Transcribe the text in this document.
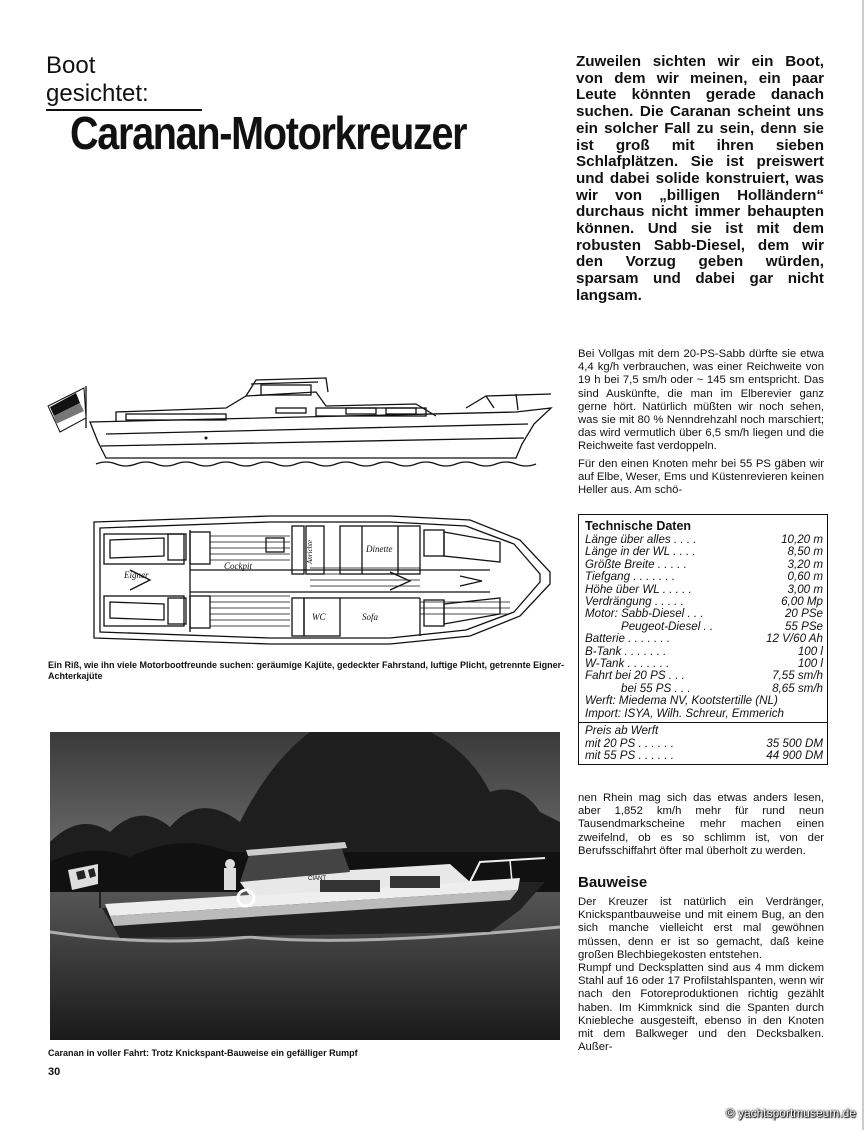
Boot gesichtet:
Caranan-Motorkreuzer
Zuweilen sichten wir ein Boot, von dem wir meinen, ein paar Leute könnten gerade danach suchen. Die Caranan scheint uns ein solcher Fall zu sein, denn sie ist groß mit ihren sieben Schlafplätzen. Sie ist preiswert und dabei solide konstruiert, was wir von „billigen Holländern“ durchaus nicht immer behaupten können. Und sie ist mit dem robusten Sabb-Diesel, dem wir den Vorzug geben würden, sparsam und dabei gar nicht langsam.
Eigner
Cockpit
Dinette
WC	Sofa
Anrichte
Ein Riß, wie ihn viele Motorbootfreunde suchen: geräumige Kajüte, gedeckter Fahrstand, luftige Plicht, getrennte Eigner-Achterkajüte
CIANT
Caranan in voller Fahrt: Trotz Knickspant-Bauweise ein gefälliger Rumpf
30
Bei Vollgas mit dem 20-PS-Sabb dürfte sie etwa 4,4 kg/h verbrauchen, was einer Reichweite von 19 h bei 7,5 sm/h oder ~ 145 sm entspricht. Das sind Auskünfte, die man im Elberevier ganz gerne hört. Natürlich müßten wir noch sehen, was sie mit 80 % Nenndrehzahl noch marschiert; das wird vermutlich über 6,5 sm/h liegen und die Reichweite fast verdoppeln.
Für den einen Knoten mehr bei 55 PS gäben wir auf Elbe, Weser, Ems und Küstenrevieren keinen Heller aus. Am schö-
Technische Daten
Länge über alles . . . .	10,20 m
Länge in der WL . . . .	8,50 m
Größte Breite . . . . .	3,20 m
Tiefgang . . . . . . .	0,60 m
Höhe über WL . . . . .	3,00 m
Verdrängung . . . . .	6,00 Mp
Motor: Sabb-Diesel . . .	20 PSe
Peugeot-Diesel . .	55 PSe
Batterie . . . . . . .	12 V/60 Ah
B-Tank . . . . . . .	100 l
W-Tank . . . . . . .	100 l
Fahrt bei 20 PS . . .	7,55 sm/h
bei 55 PS . . .	8,65 sm/h
Werft: Miedema NV, Kootstertille (NL)
Import: ISYA, Wilh. Schreur, Emmerich
Preis ab Werft
mit 20 PS . . . . . .	35 500 DM
mit 55 PS . . . . . .	44 900 DM
nen Rhein mag sich das etwas anders lesen, aber 1,852 km/h mehr für rund neun Tausendmarkscheine mehr machen einen zweifelnd, ob es so schlimm ist, von der Berufsschiffahrt öfter mal überholt zu werden.
Bauweise
Der Kreuzer ist natürlich ein Verdränger, Knickspantbauweise und mit einem Bug, an den sich manche vielleicht erst mal gewöhnen müssen, denn er ist so gemacht, daß keine großen Blechbiegekosten entstehen.
Rumpf und Decksplatten sind aus 4 mm dickem Stahl auf 16 oder 17 Profilstahlspanten, wenn wir nach den Fotoreproduktionen richtig gezählt haben. Im Kimmknick sind die Spanten durch Kniebleche ausgesteift, ebenso in den Knoten mit dem Balkweger und den Decksbalken. Außer-
© yachtsportmuseum.de
